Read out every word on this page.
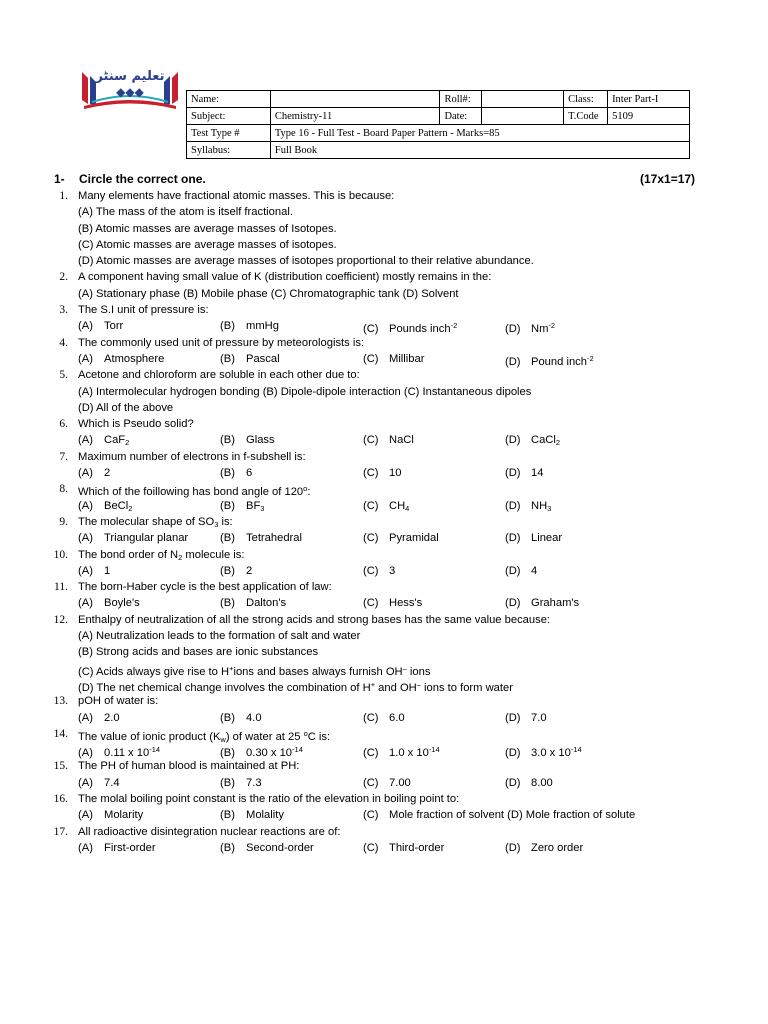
تعليم سنٹر
◆◆◆	Name:		Roll#:		Class:	Inter Part-I
Subject:	Chemistry-11	Date:		T.Code	5109
Test Type #	Type 16 - Full Test - Board Paper Pattern - Marks=85				
Syllabus:	Full Book				
1- Circle the correct one.	(17x1=17)
1. Many elements have fractional atomic masses. This is because:
(A) The mass of the atom is itself fractional.
(B) Atomic masses are average masses of Isotopes.
(C) Atomic masses are average masses of isotopes.
(D) Atomic masses are average masses of isotopes proportional to their relative abundance.
2. A component having small value of K (distribution coefficient) mostly remains in the:
(A) Stationary phase (B) Mobile phase (C) Chromatographic tank (D) Solvent
3. The S.I unit of pressure is:
(A) Torr	(B) mmHg	(C) Pounds inch$^{-2}$	(D) $Nm^{-2}$
4. The commonly used unit of pressure by meteorologists is:
(A) Atmosphere	(B) Pascal	(C) Millibar	(D) Pound inch$^{-2}$
5. Acetone and chloroform are soluble in each other due to:
(A) Intermolecular hydrogen bonding (B) Dipole-dipole interaction (C) Instantaneous dipoles
(D) All of the above
6. Which is Pseudo solid?
(A) CaF$_2$	(B) Glass	(C) NaCl	(D) CaCl$_2$
7. Maximum number of electrons in f-subshell is:
(A) 2	(B) 6	(C) 10	(D) 14
8. Which of the foillowing has bond angle of 120$^o$:
(A) BeCl$_2$	(B) $BF_3$	(C) $CH_4$	(D) $NH_3$
9. The molecular shape of $SO_3$ is:
(A) Triangular planar	(B) Tetrahedral	(C) Pyramidal	(D) Linear
10. The bond order of $N_2$ molecule is:
(A) 1	(B) 2	(C) 3	(D) 4
11. The born-Haber cycle is the best application of law:
(A) Boyle's	(B) Dalton's	(C) Hess's	(D) Graham's
12. Enthalpy of neutralization of all the strong acids and strong bases has the same value because:
(A) Neutralization leads to the formation of salt and water
(B) Strong acids and bases are ionic substances
(C) Acids always give rise to H+ions and bases always furnish OH– ions
(D) The net chemical change involves the combination of H+ and OH– ions to form water
13. pOH of water is:
(A) 2.0	(B) 4.0	(C) 6.0	(D) 7.0
14. The value of ionic product $(K_w)$ of water at 25 $^o$C is:
(A) 0.11 x $10^{-14}$	(B) 0.30 x $10^{-14}$	(C) 1.0 x $10^{-14}$	(D) 3.0 x $10^{-14}$
15. The PH of human blood is maintained at PH:
(A) 7.4	(B) 7.3	(C) 7.00	(D) 8.00
16. The molal boiling point constant is the ratio of the elevation in boiling point to:
(A) Molarity	(B) Molality	(C) Mole fraction of solvent (D) Mole fraction of solute
17. All radioactive disintegration nuclear reactions are of:
(A) First-order	(B) Second-order	(C) Third-order	(D) Zero order
